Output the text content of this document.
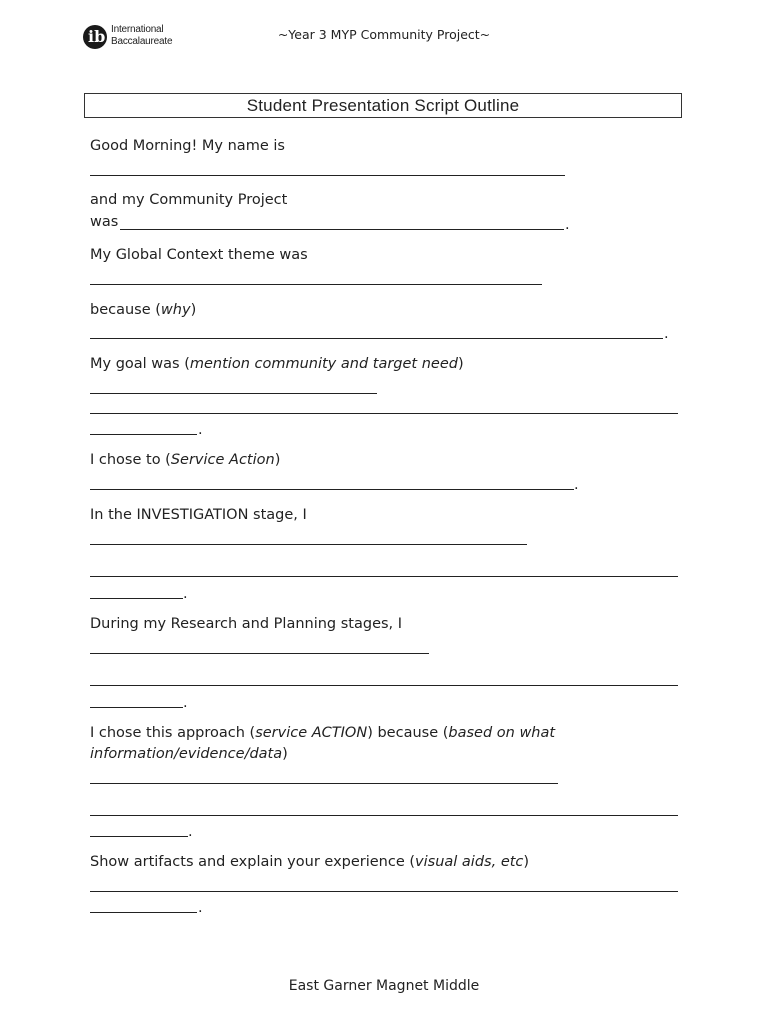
ib International
Baccalaureate	~Year 3 MYP Community Project~
Student Presentation Script Outline
Good Morning! My name is
and my Community Project
was	.
My Global Context theme was
because (why)
.
My goal was (mention community and target need)
.
I chose to (Service Action)
.
In the INVESTIGATION stage, I
.
During my Research and Planning stages, I
.
I chose this approach (service ACTION) because (based on what
information/evidence/data)
.
Show artifacts and explain your experience (visual aids, etc)
.
East Garner Magnet Middle
